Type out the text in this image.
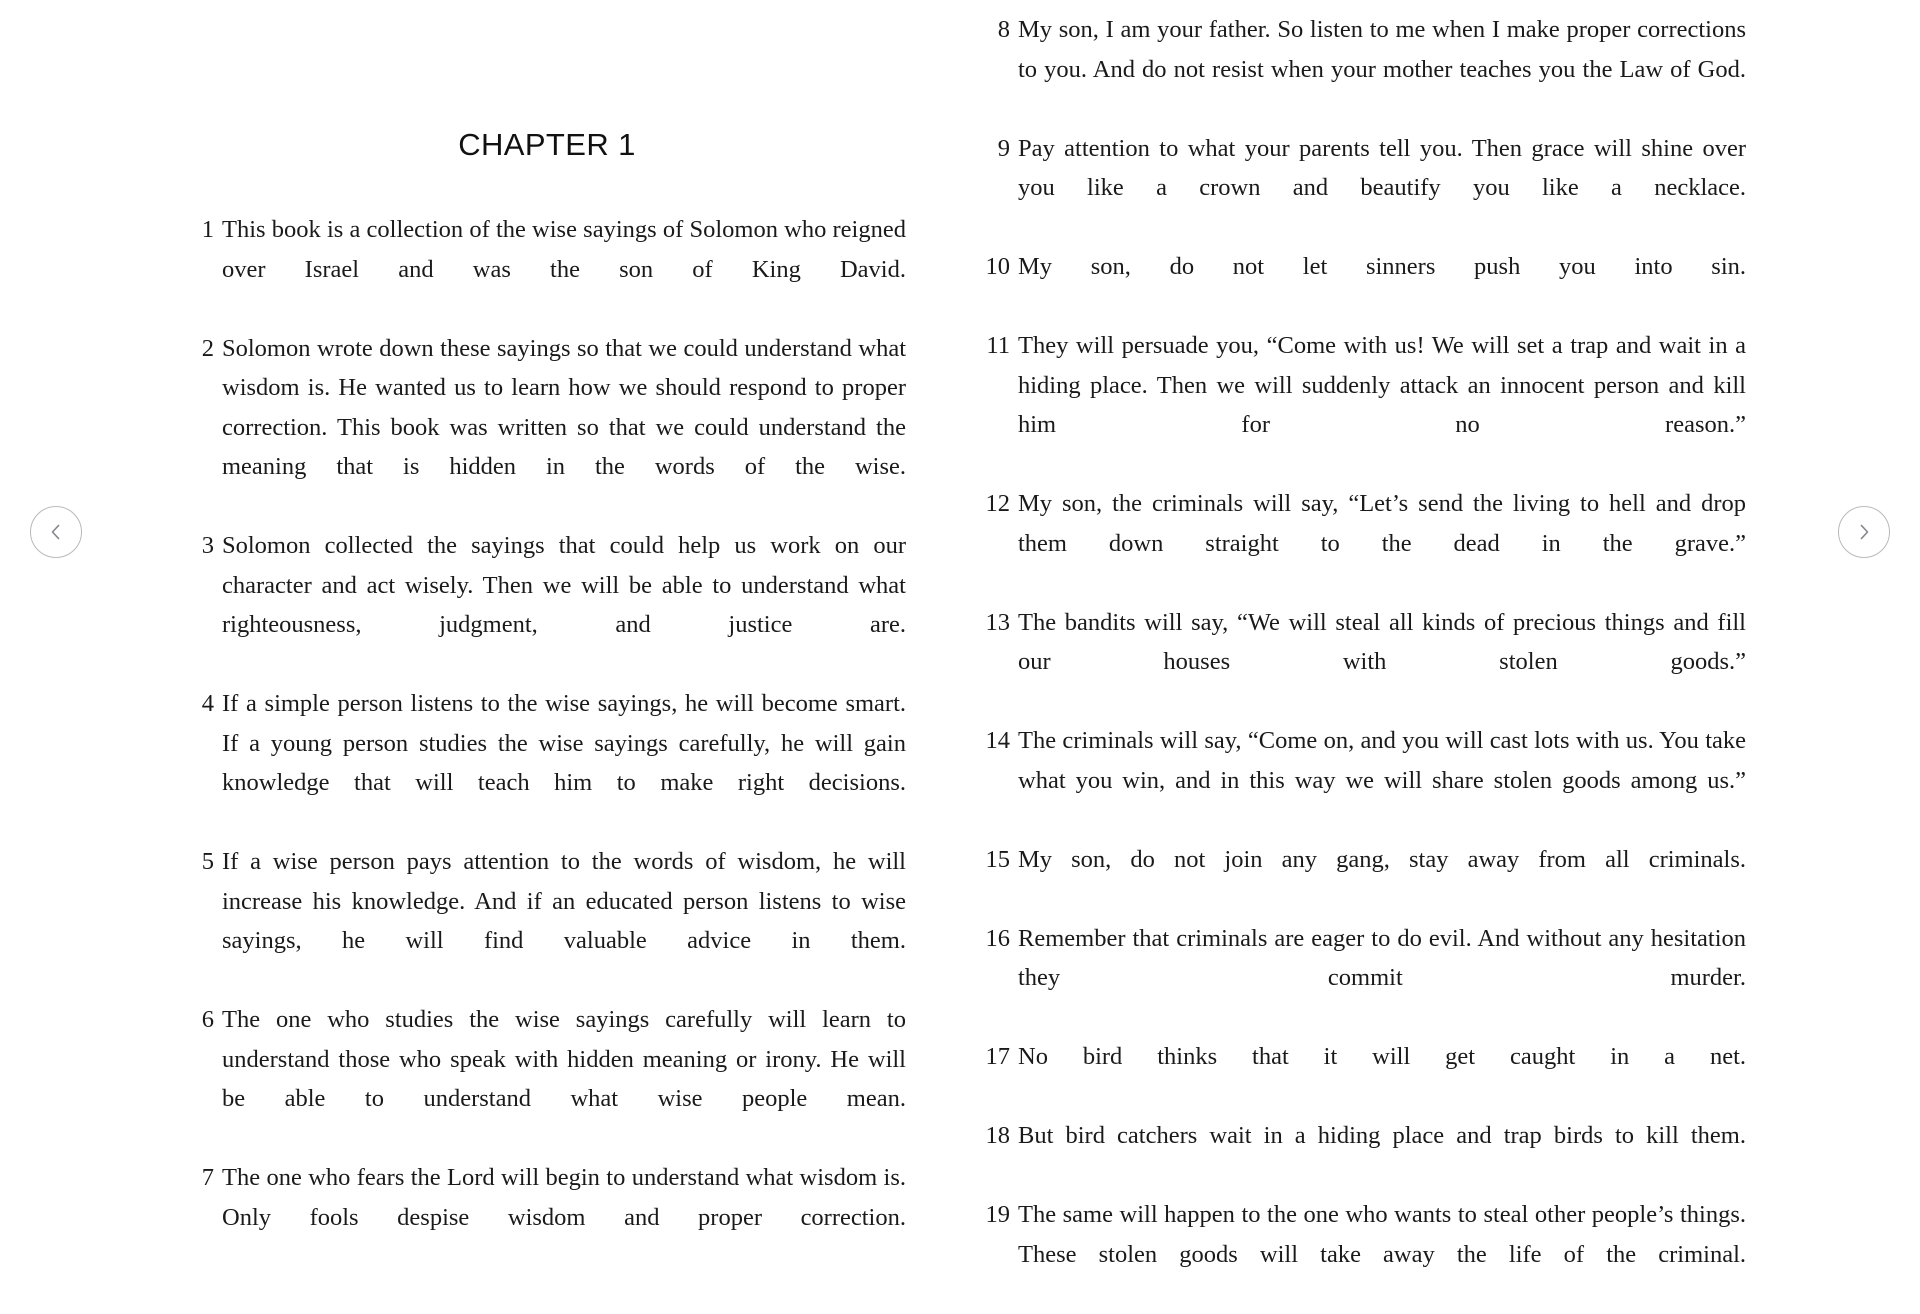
CHAPTER 1

1 This book is a collection of the wise sayings of Solomon who reigned over Israel and was the son of King David.

2 Solomon wrote down these sayings so that we could understand what wisdom is. He wanted us to learn how we should respond to proper correction. This book was written so that we could understand the meaning that is hidden in the words of the wise.

3 Solomon collected the sayings that could help us work on our character and act wisely. Then we will be able to understand what righteousness, judgment, and justice are.

4 If a simple person listens to the wise sayings, he will become smart. If a young person studies the wise sayings carefully, he will gain knowledge that will teach him to make right decisions.

5 If a wise person pays attention to the words of wisdom, he will increase his knowledge. And if an educated person listens to wise sayings, he will find valuable advice in them.

6 The one who studies the wise sayings carefully will learn to understand those who speak with hidden meaning or irony. He will be able to understand what wise people mean.

7 The one who fears the Lord will begin to understand what wisdom is. Only fools despise wisdom and proper correction.

8 My son, I am your father. So listen to me when I make proper corrections to you. And do not resist when your mother teaches you the Law of God.

9 Pay attention to what your parents tell you. Then grace will shine over you like a crown and beautify you like a necklace.

10 My son, do not let sinners push you into sin.

11 They will persuade you, “Come with us! We will set a trap and wait in a hiding place. Then we will suddenly attack an innocent person and kill him for no reason.”

12 My son, the criminals will say, “Let’s send the living to hell and drop them down straight to the dead in the grave.”

13 The bandits will say, “We will steal all kinds of precious things and fill our houses with stolen goods.”

14 The criminals will say, “Come on, and you will cast lots with us. You take what you win, and in this way we will share stolen goods among us.”

15 My son, do not join any gang, stay away from all criminals.

16 Remember that criminals are eager to do evil. And without any hesitation they commit murder.

17 No bird thinks that it will get caught in a net.

18 But bird catchers wait in a hiding place and trap birds to kill them.

19 The same will happen to the one who wants to steal other people’s things. These stolen goods will take away the life of the criminal.
